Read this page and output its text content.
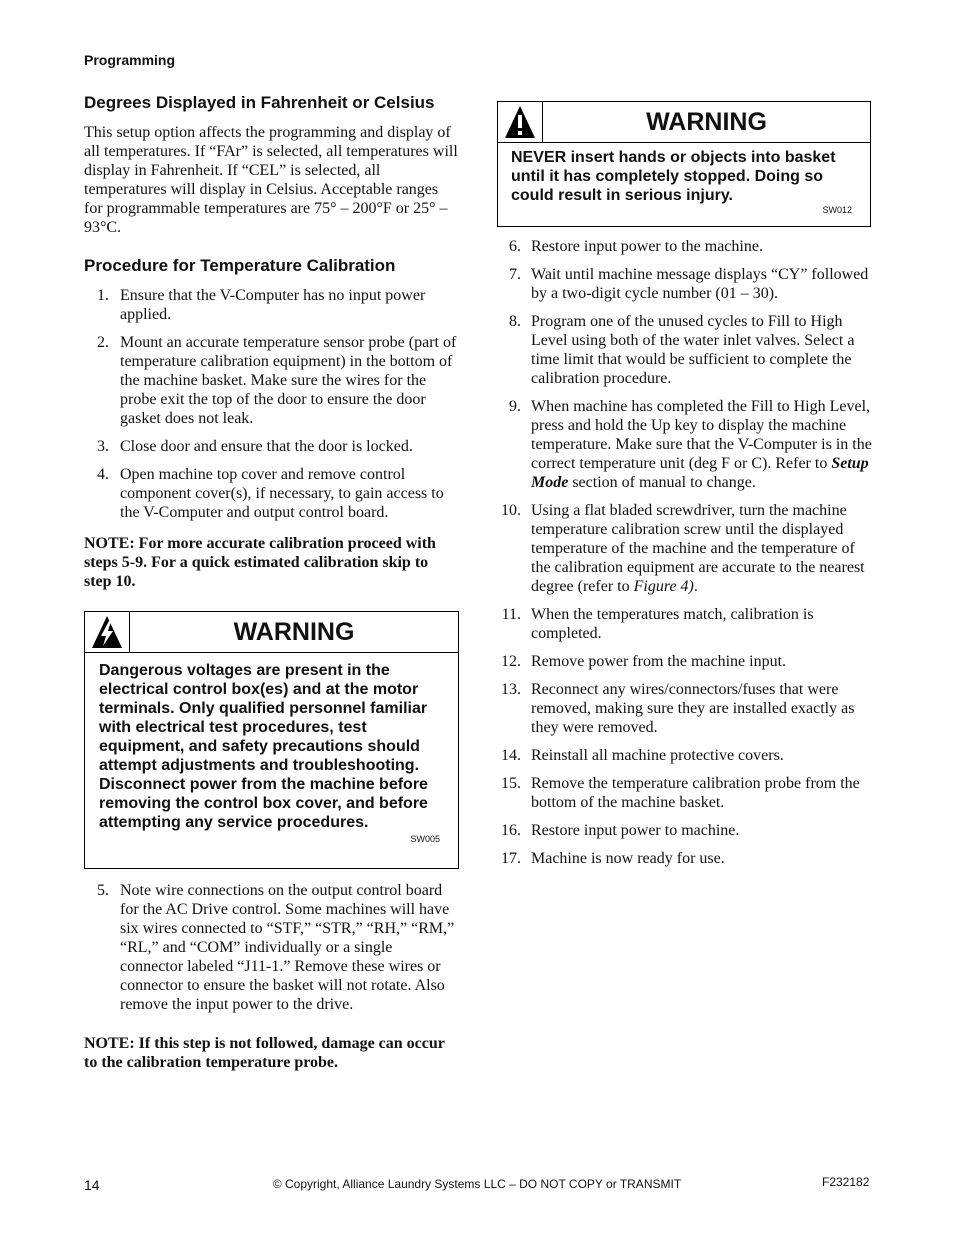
Programming
Degrees Displayed in Fahrenheit or Celsius

This setup option affects the programming and display of all temperatures. If “FAr” is selected, all temperatures will display in Fahrenheit. If “CEL” is selected, all temperatures will display in Celsius. Acceptable ranges for programmable temperatures are 75° – 200°F or 25° – 93°C.

Procedure for Temperature Calibration
1. Ensure that the V-Computer has no input power applied.
2. Mount an accurate temperature sensor probe (part of temperature calibration equipment) in the bottom of the machine basket. Make sure the wires for the probe exit the top of the door to ensure the door gasket does not leak.
3. Close door and ensure that the door is locked.
4. Open machine top cover and remove control component cover(s), if necessary, to gain access to the V-Computer and output control board.

NOTE: For more accurate calibration proceed with steps 5-9. For a quick estimated calibration skip to step 10.

WARNING
Dangerous voltages are present in the electrical control box(es) and at the motor terminals. Only qualified personnel familiar with electrical test procedures, test equipment, and safety precautions should attempt adjustments and troubleshooting. Disconnect power from the machine before removing the control box cover, and before attempting any service procedures.
SW005
5. Note wire connections on the output control board for the AC Drive control. Some machines will have six wires connected to “STF,” “STR,” “RH,” “RM,” “RL,” and “COM” individually or a single connector labeled “J11-1.” Remove these wires or connector to ensure the basket will not rotate. Also remove the input power to the drive.

NOTE: If this step is not followed, damage can occur to the calibration temperature probe.

WARNING
NEVER insert hands or objects into basket until it has completely stopped. Doing so could result in serious injury.
SW012
6. Restore input power to the machine.
7. Wait until machine message displays “CY” followed by a two-digit cycle number (01 – 30).
8. Program one of the unused cycles to Fill to High Level using both of the water inlet valves. Select a time limit that would be sufficient to complete the calibration procedure.
9. When machine has completed the Fill to High Level, press and hold the Up key to display the machine temperature. Make sure that the V-Computer is in the correct temperature unit (deg F or C). Refer to Setup Mode section of manual to change.
10. Using a flat bladed screwdriver, turn the machine temperature calibration screw until the displayed temperature of the machine and the temperature of the calibration equipment are accurate to the nearest degree (refer to Figure 4).
11. When the temperatures match, calibration is completed.
12. Remove power from the machine input.
13. Reconnect any wires/connectors/fuses that were removed, making sure they are installed exactly as they were removed.
14. Reinstall all machine protective covers.
15. Remove the temperature calibration probe from the bottom of the machine basket.
16. Restore input power to machine.
17. Machine is now ready for use.
14	© Copyright, Alliance Laundry Systems LLC – DO NOT COPY or TRANSMIT	F232182
